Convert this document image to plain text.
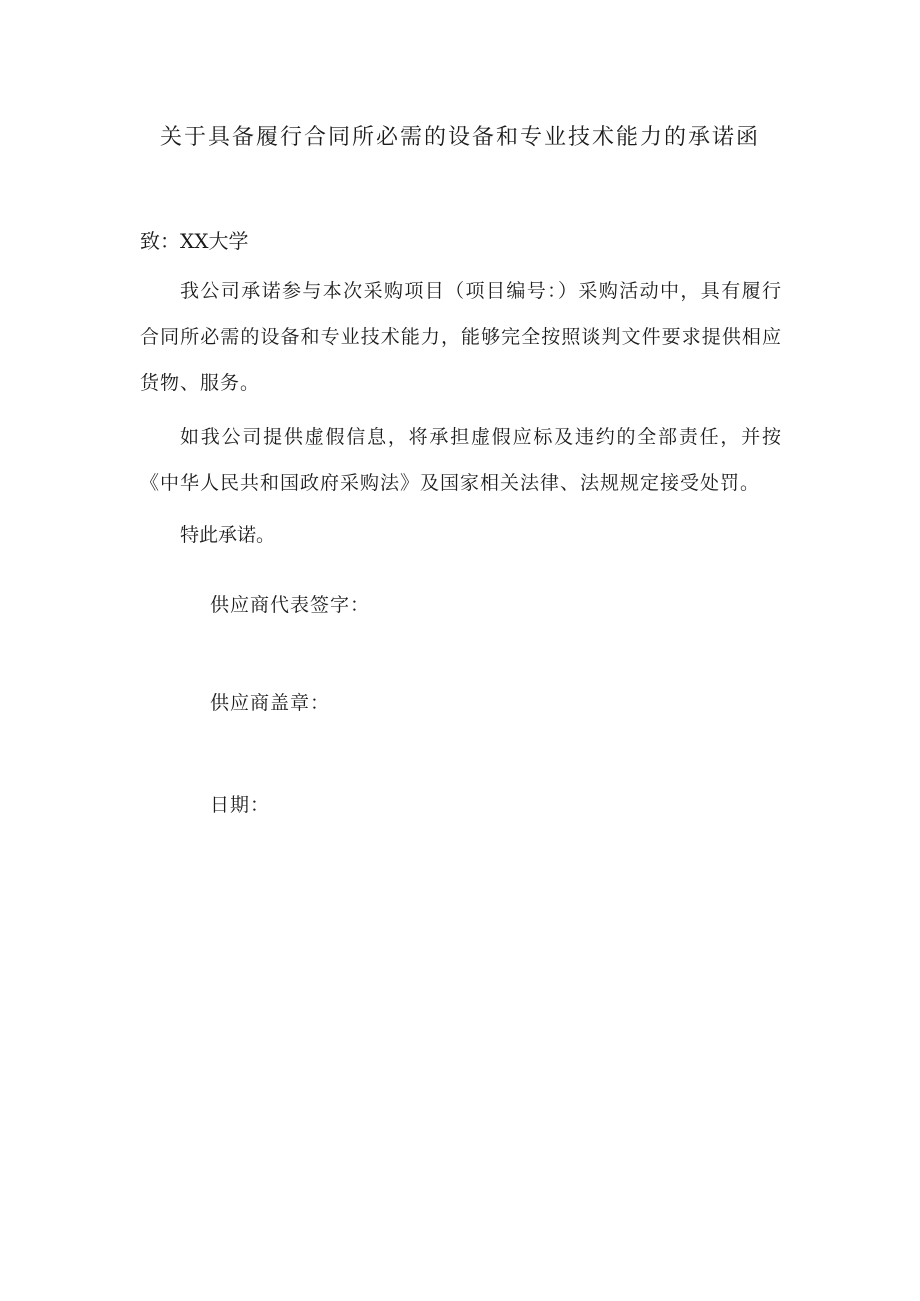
关于具备履行合同所必需的设备和专业技术能力的承诺函
致：XX大学

我公司承诺参与本次采购项目（项目编号：）采购活动中，具有履行合同所必需的设备和专业技术能力，能够完全按照谈判文件要求提供相应货物、服务。

如我公司提供虚假信息，将承担虚假应标及违约的全部责任，并按《中华人民共和国政府采购法》及国家相关法律、法规规定接受处罚。

特此承诺。
供应商代表签字：
供应商盖章：
日期：
